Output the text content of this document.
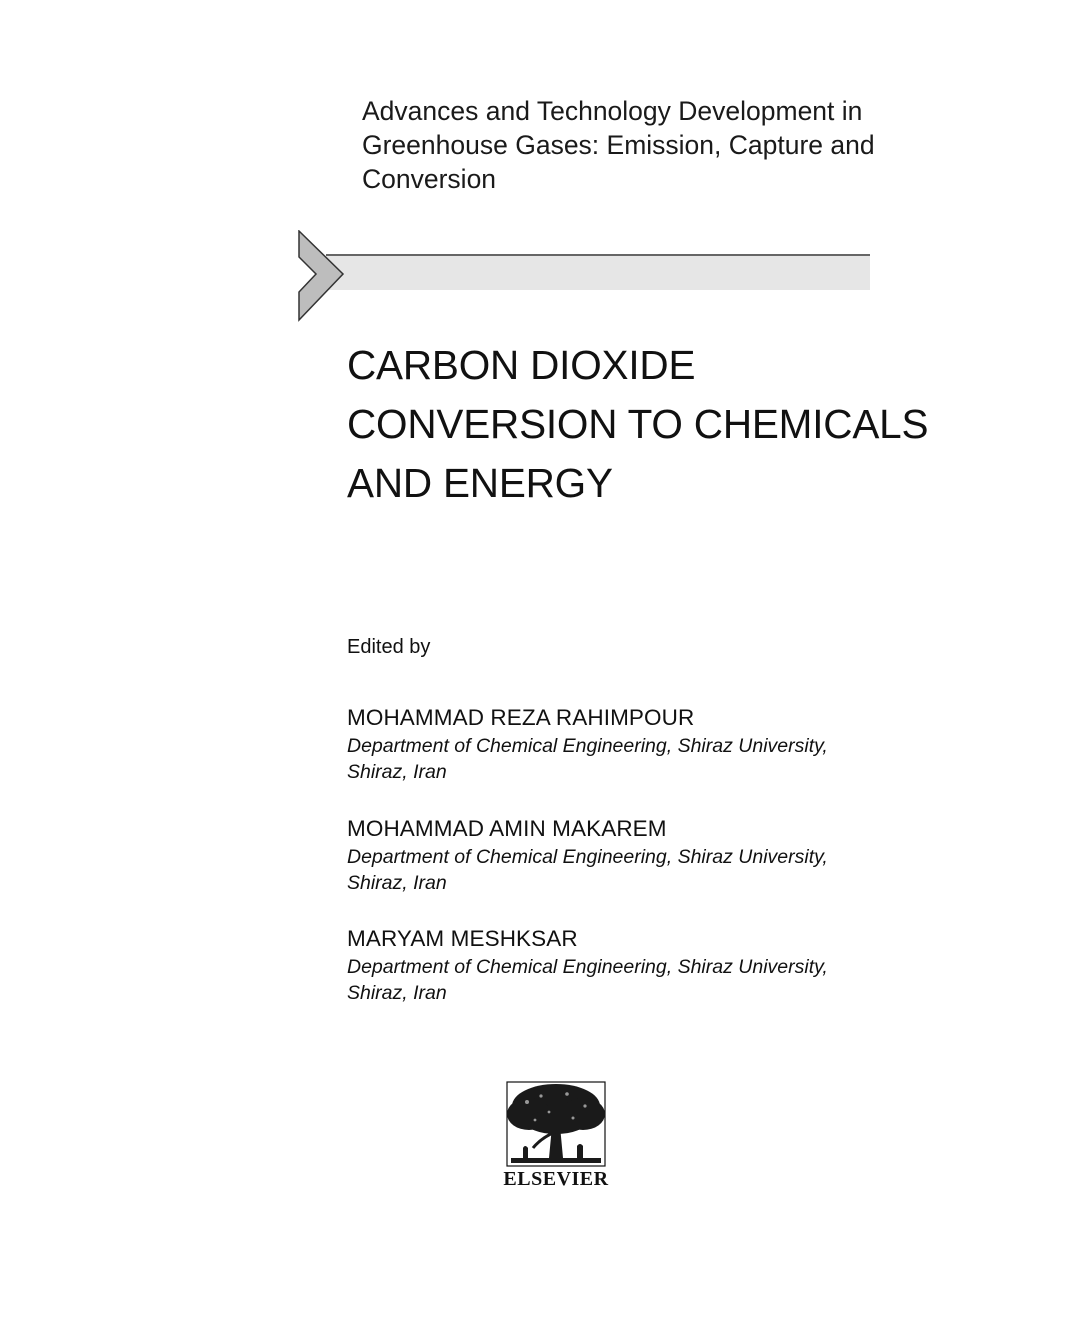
Advances and Technology Development in
Greenhouse Gases: Emission, Capture and
Conversion
CARBON DIOXIDE
CONVERSION TO CHEMICALS
AND ENERGY
Edited by
MOHAMMAD REZA RAHIMPOUR
Department of Chemical Engineering, Shiraz University,
Shiraz, Iran
MOHAMMAD AMIN MAKAREM
Department of Chemical Engineering, Shiraz University,
Shiraz, Iran
MARYAM MESHKSAR
Department of Chemical Engineering, Shiraz University,
Shiraz, Iran
ELSEVIER
